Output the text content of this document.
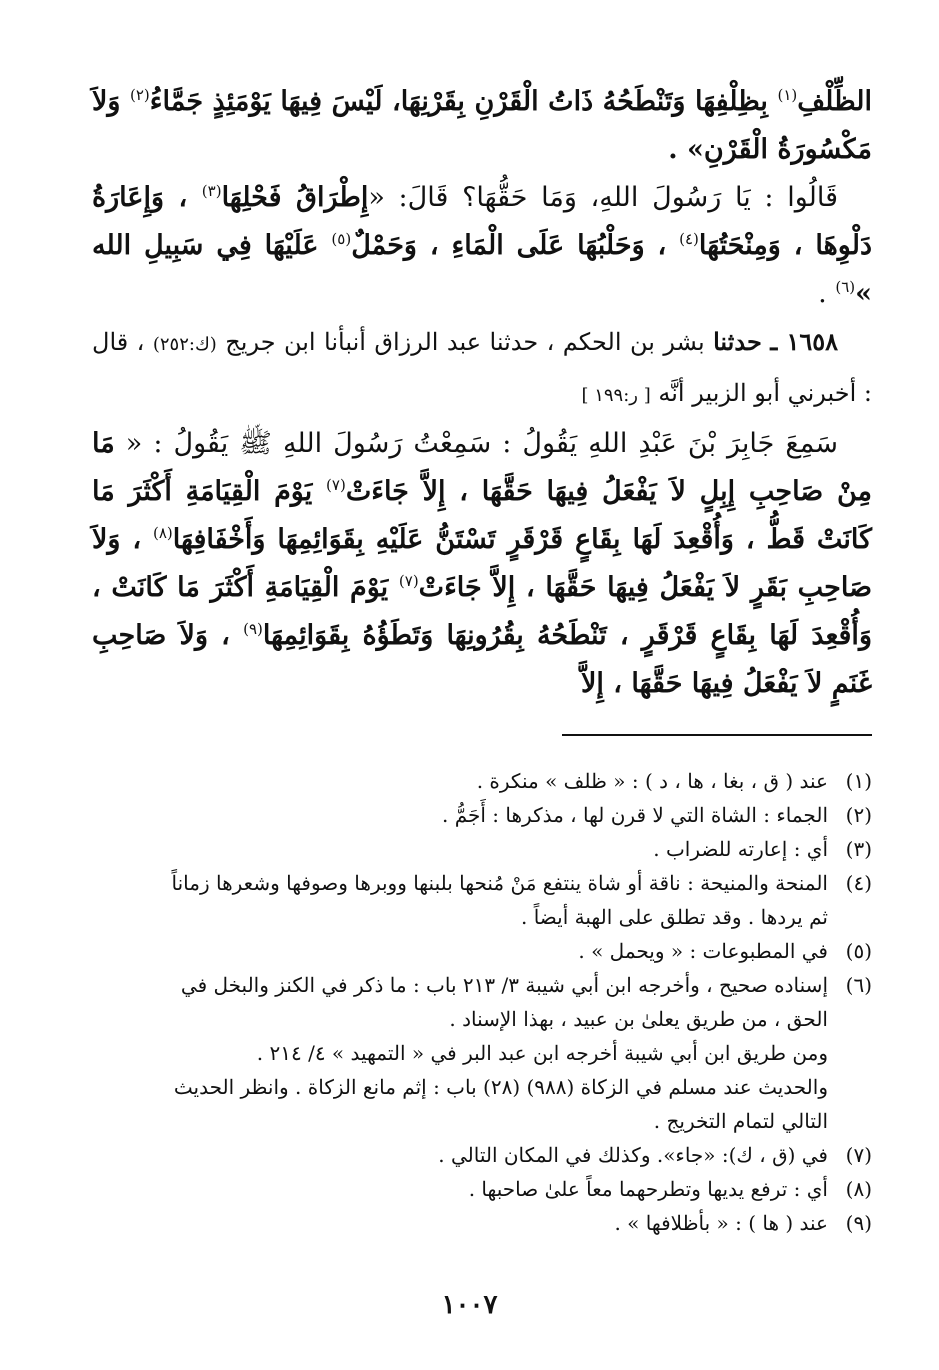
الظِّلْفِ$^{(١)}$ بِظِلْفِهَا وَتَنْطَحُهُ ذَاتُ الْقَرْنِ بِقَرْنِهَا، لَيْسَ فِيهَا يَوْمَئِذٍ جَمَّاءُ$^{(٢)}$ وَلاَ مَكْسُورَةُ الْقَرْنِ» .

قَالُوا : يَا رَسُولَ اللهِ، وَمَا حَقُّهَا؟ قَالَ: «إِطْرَاقُ فَحْلِهَا$^{(٣)}$ ، وَإِعَارَةُ دَلْوِهَا ، وَمِنْحَتُهَا$^{(٤)}$ ، وَحَلْبُهَا عَلَى الْمَاءِ ، وَحَمْلٌ$^{(٥)}$ عَلَيْهَا فِي سَبِيلِ الله »$^{(٦)}$ .

١٦٥٨ ـ حدثنا بشر بن الحكم ، حدثنا عبد الرزاق أنبأنا ابن جريج (ك:٢٥٢) ، قال : أخبرني أبو الزبير أنَّه [ ر:١٩٩ ]

سَمِعَ جَابِرَ بْنَ عَبْدِ اللهِ يَقُولُ : سَمِعْتُ رَسُولَ اللهِ ﷺ يَقُولُ : « مَا مِنْ صَاحِبِ إِبِلٍ لاَ يَفْعَلُ فِيهَا حَقَّهَا ، إِلاَّ جَاءَتْ$^{(٧)}$ يَوْمَ الْقِيَامَةِ أَكْثَرَ مَا كَانَتْ قَطُّ ، وَأُقْعِدَ لَهَا بِقَاعٍ قَرْقَرٍ تَسْتَنُّ عَلَيْهِ بِقَوَائِمِهَا وَأَخْفَافِهَا$^{(٨)}$ ، وَلاَ صَاحِبِ بَقَرٍ لاَ يَفْعَلُ فِيهَا حَقَّهَا ، إِلاَّ جَاءَتْ$^{(٧)}$ يَوْمَ الْقِيَامَةِ أَكْثَرَ مَا كَانَتْ ، وَأُقْعِدَ لَهَا بِقَاعٍ قَرْقَرٍ ، تَنْطَحُهُ بِقُرُونِهَا وَتَطَؤُهُ بِقَوَائِمِهَا$^{(٩)}$ ، وَلاَ صَاحِبِ غَنَمٍ لاَ يَفْعَلُ فِيهَا حَقَّهَا ، إِلاَّ

(١)
عند ( ق ، بغا ، ها ، د ) : « ظلف » منكرة .
(٢)
الجماء : الشاة التي لا قرن لها ، مذكرها : أَجَمُّ .
(٣)
أي : إعارته للضراب .
(٤)
المنحة والمنيحة : ناقة أو شاة ينتفع مَنْ مُنحها بلبنها ووبرها وصوفها وشعرها زماناً
ثم يردها . وقد تطلق على الهبة أيضاً .
(٥)
في المطبوعات : « ويحمل » .
(٦)
إسناده صحيح ، وأخرجه ابن أبي شيبة ٣/ ٢١٣ باب : ما ذكر في الكنز والبخل في
الحق ، من طريق يعلىٰ بن عبيد ، بهذا الإسناد .
ومن طريق ابن أبي شيبة أخرجه ابن عبد البر في « التمهيد » ٤/ ٢١٤ .
والحديث عند مسلم في الزكاة (٩٨٨) (٢٨) باب : إثم مانع الزكاة . وانظر الحديث
التالي لتمام التخريج .
(٧)
في (ق ، ك): «جاء». وكذلك في المكان التالي .
(٨)
أي : ترفع يديها وتطرحهما معاً علىٰ صاحبها .
(٩)
عند ( ها ) : « بأظلافها » .
١٠٠٧
